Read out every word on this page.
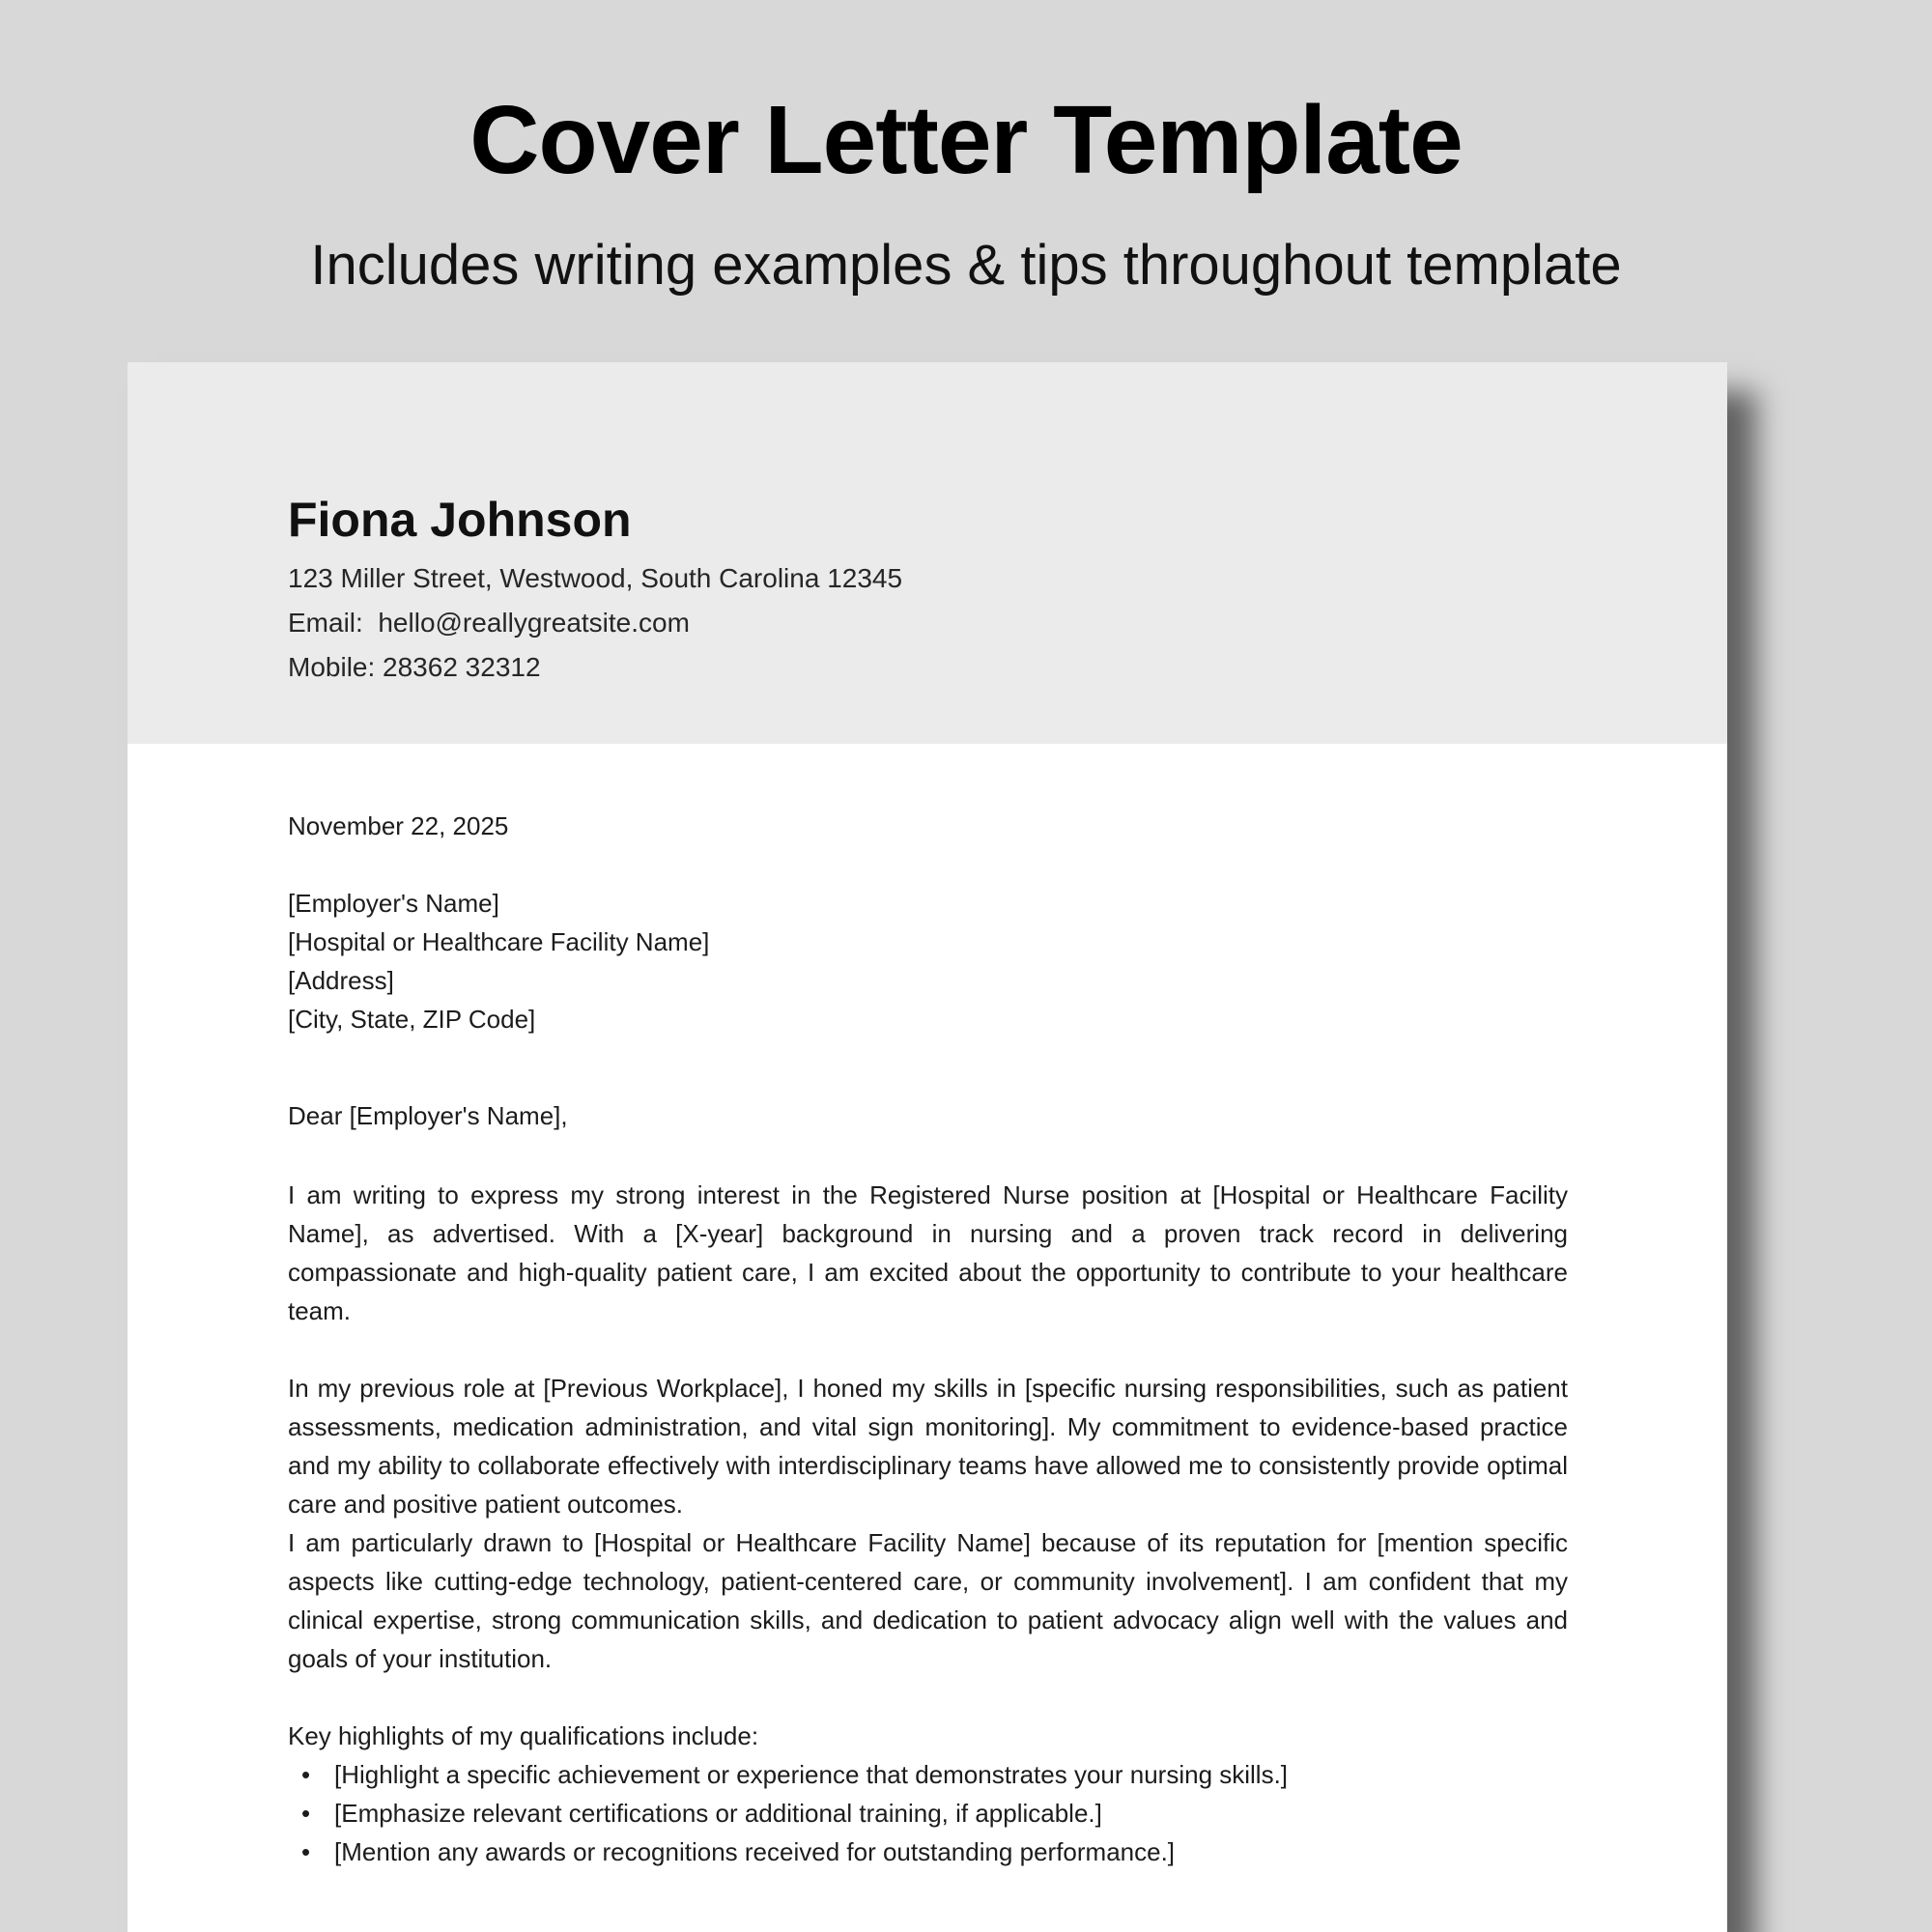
Cover Letter Template
Includes writing examples & tips throughout template

Fiona Johnson

123 Miller Street, Westwood, South Carolina 12345

Email:  hello@reallygreatsite.com

Mobile: 28362 32312

November 22, 2025

[Employer's Name]

[Hospital or Healthcare Facility Name]

[Address]

[City, State, ZIP Code]

Dear [Employer's Name],

I am writing to express my strong interest in the Registered Nurse position at [Hospital or Healthcare Facility Name], as advertised. With a [X-year] background in nursing and a proven track record in delivering compassionate and high-quality patient care, I am excited about the opportunity to contribute to your healthcare team.

In my previous role at [Previous Workplace], I honed my skills in [specific nursing responsibilities, such as patient assessments, medication administration, and vital sign monitoring]. My commitment to evidence-based practice and my ability to collaborate effectively with interdisciplinary teams have allowed me to consistently provide optimal care and positive patient outcomes.

I am particularly drawn to [Hospital or Healthcare Facility Name] because of its reputation for [mention specific aspects like cutting-edge technology, patient-centered care, or community involvement]. I am confident that my clinical expertise, strong communication skills, and dedication to patient advocacy align well with the values and goals of your institution.

Key highlights of my qualifications include:

• [Highlight a specific achievement or experience that demonstrates your nursing skills.]
• [Emphasize relevant certifications or additional training, if applicable.]
• [Mention any awards or recognitions received for outstanding performance.]
